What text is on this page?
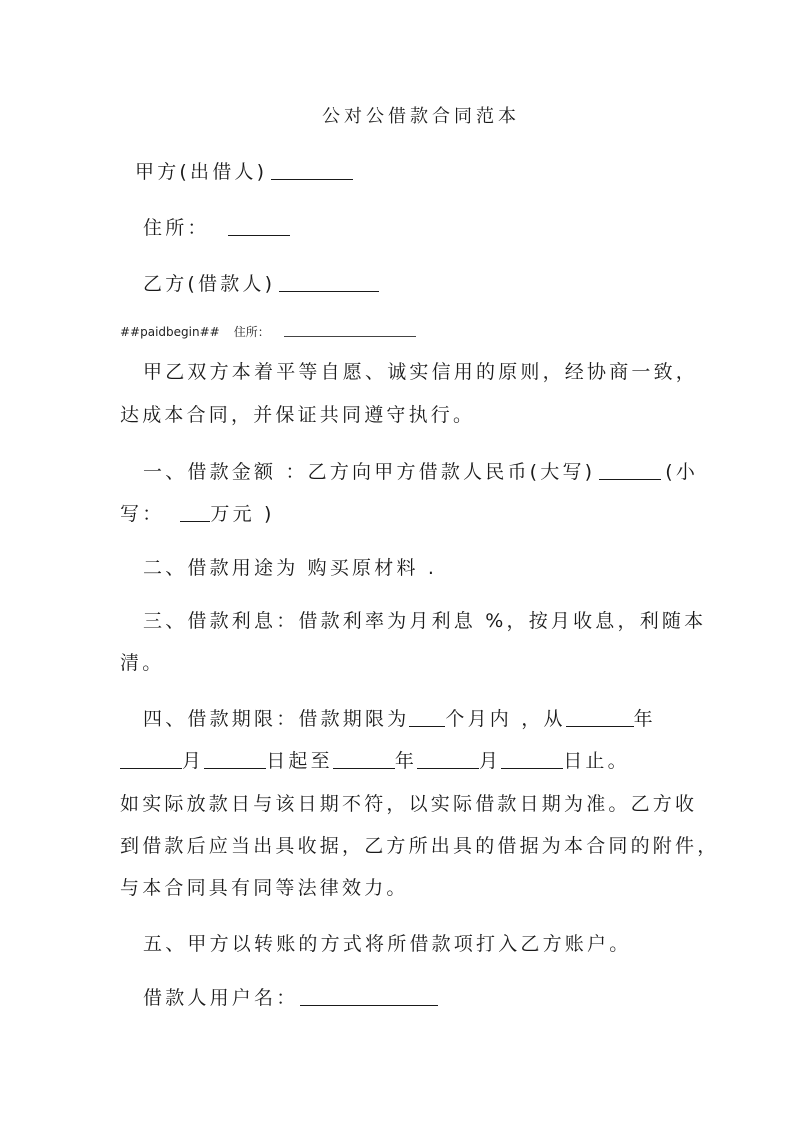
公对公借款合同范本
甲方(出借人)
住所：
乙方(借款人)
##paidbegin## 住所：
甲乙双方本着平等自愿、诚实信用的原则，经协商一致，
达成本合同，并保证共同遵守执行。
一、借款金额 ：乙方向甲方借款人民币(大写)	(小
写： 万元 )
二、借款用途为 购买原材料 .
三、借款利息：借款利率为月利息 %，按月收息，利随本
清。
四、借款期限：借款期限为 个月内 ，从	年
月	日起至	年	月	日止。
如实际放款日与该日期不符，以实际借款日期为准。乙方收
到借款后应当出具收据，乙方所出具的借据为本合同的附件，
与本合同具有同等法律效力。
五、甲方以转账的方式将所借款项打入乙方账户。
借款人用户名：
